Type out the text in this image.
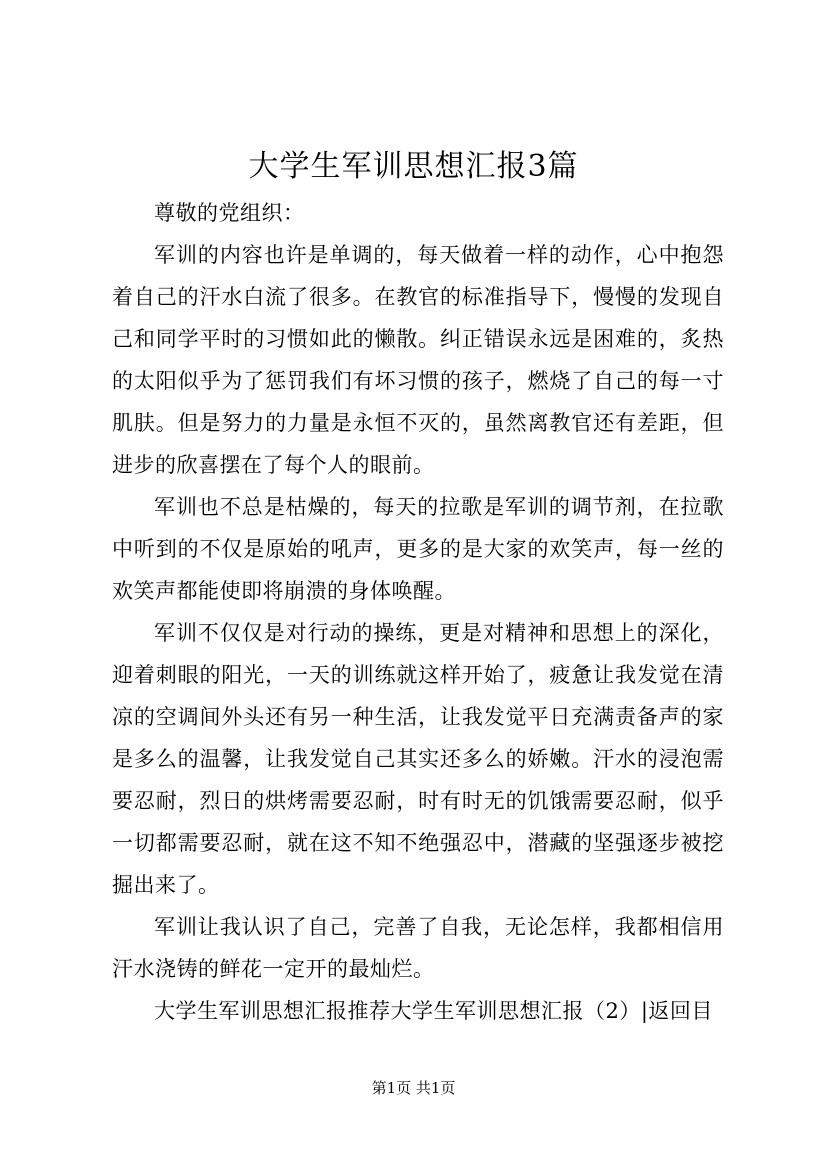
大学生军训思想汇报3篇

尊敬的党组织：

军训的内容也许是单调的，每天做着一样的动作，心中抱怨着自己的汗水白流了很多。在教官的标准指导下，慢慢的发现自己和同学平时的习惯如此的懒散。纠正错误永远是困难的，炙热的太阳似乎为了惩罚我们有坏习惯的孩子，燃烧了自己的每一寸肌肤。但是努力的力量是永恒不灭的，虽然离教官还有差距，但进步的欣喜摆在了每个人的眼前。

军训也不总是枯燥的，每天的拉歌是军训的调节剂，在拉歌中听到的不仅是原始的吼声，更多的是大家的欢笑声，每一丝的欢笑声都能使即将崩溃的身体唤醒。

军训不仅仅是对行动的操练，更是对精神和思想上的深化，迎着刺眼的阳光，一天的训练就这样开始了，疲惫让我发觉在清凉的空调间外头还有另一种生活，让我发觉平日充满责备声的家是多么的温馨，让我发觉自己其实还多么的娇嫩。汗水的浸泡需要忍耐，烈日的烘烤需要忍耐，时有时无的饥饿需要忍耐，似乎一切都需要忍耐，就在这不知不绝强忍中，潜藏的坚强逐步被挖掘出来了。

军训让我认识了自己，完善了自我，无论怎样，我都相信用汗水浇铸的鲜花一定开的最灿烂。

大学生军训思想汇报推荐大学生军训思想汇报（2）|返回目

第1页 共1页
